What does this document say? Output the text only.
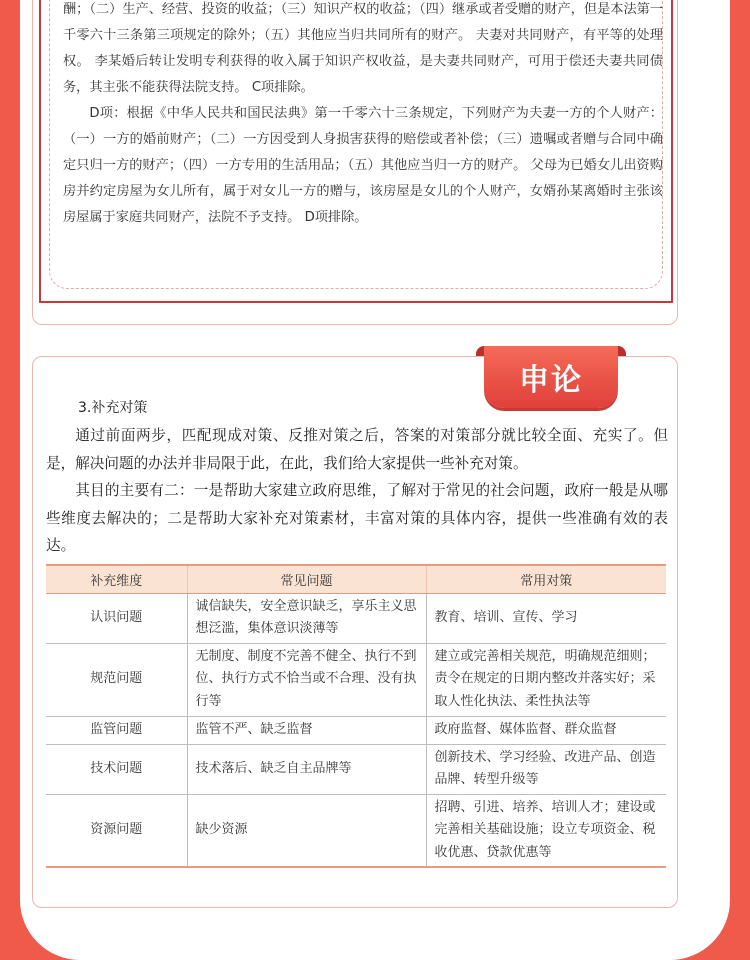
酬；（二）生产、经营、投资的收益；（三）知识产权的收益；（四）继承或者受赠的财产，但是本法第一千零六十三条第三项规定的除外；（五）其他应当归共同所有的财产。 夫妻对共同财产，有平等的处理权。 李某婚后转让发明专利获得的收入属于知识产权收益，是夫妻共同财产，可用于偿还夫妻共同债务，其主张不能获得法院支持。 C项排除。

D项：根据《中华人民共和国民法典》第一千零六十三条规定，下列财产为夫妻一方的个人财产：（一）一方的婚前财产；（二）一方因受到人身损害获得的赔偿或者补偿；（三）遗嘱或者赠与合同中确定只归一方的财产；（四）一方专用的生活用品；（五）其他应当归一方的财产。 父母为已婚女儿出资购房并约定房屋为女儿所有，属于对女儿一方的赠与，该房屋是女儿的个人财产，女婿孙某离婚时主张该房屋属于家庭共同财产，法院不予支持。 D项排除。

申论
3.补充对策

通过前面两步，匹配现成对策、反推对策之后，答案的对策部分就比较全面、充实了。但是，解决问题的办法并非局限于此，在此，我们给大家提供一些补充对策。

其目的主要有二：一是帮助大家建立政府思维，了解对于常见的社会问题，政府一般是从哪些维度去解决的；二是帮助大家补充对策素材，丰富对策的具体内容，提供一些准确有效的表达。

补充维度	常见问题	常用对策
认识问题	诚信缺失，安全意识缺乏，享乐主义思想泛滥，集体意识淡薄等	教育、培训、宣传、学习
规范问题	无制度、制度不完善不健全、执行不到位、执行方式不恰当或不合理、没有执行等	建立或完善相关规范，明确规范细则；责令在规定的日期内整改并落实好；采取人性化执法、柔性执法等
监管问题	监管不严、缺乏监督	政府监督、媒体监督、群众监督
技术问题	技术落后、缺乏自主品牌等	创新技术、学习经验、改进产品、创造品牌、转型升级等
资源问题	缺少资源	招聘、引进、培养、培训人才；建设或完善相关基础设施；设立专项资金、税收优惠、贷款优惠等
